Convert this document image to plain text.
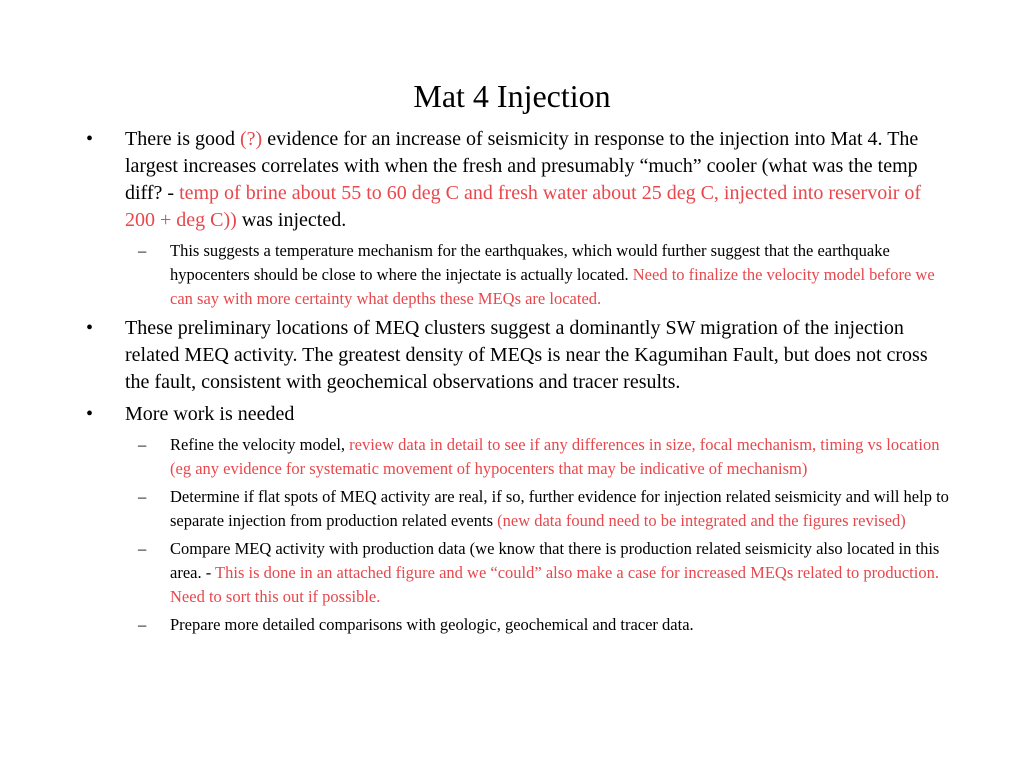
Mat 4 Injection

• There is good (?) evidence for an increase of seismicity in response to the injection into Mat 4. The largest increases correlates with when the fresh and presumably “much” cooler (what was the temp diff? - temp of brine about 55 to 60 deg C and fresh water about 25 deg C, injected into reservoir of 200 + deg C)) was injected.

– This suggests a temperature mechanism for the earthquakes, which would further suggest that the earthquake hypocenters should be close to where the injectate is actually located. Need to finalize the velocity model before we can say with more certainty what depths these MEQs are located.

• These preliminary locations of MEQ clusters suggest a dominantly SW migration of the injection related MEQ activity. The greatest density of MEQs is near the Kagumihan Fault, but does not cross the fault, consistent with geochemical observations and tracer results.

• More work is needed

– Refine the velocity model, review data in detail to see if any differences in size, focal mechanism, timing vs location (eg any evidence for systematic movement of hypocenters that may be indicative of mechanism)

– Determine if flat spots of MEQ activity are real, if so, further evidence for injection related seismicity and will help to separate injection from production related events (new data found need to be integrated and the figures revised)

– Compare MEQ activity with production data (we know that there is production related seismicity also located in this area. - This is done in an attached figure and we “could” also make a case for increased MEQs related to production. Need to sort this out if possible.

– Prepare more detailed comparisons with geologic, geochemical and tracer data.
